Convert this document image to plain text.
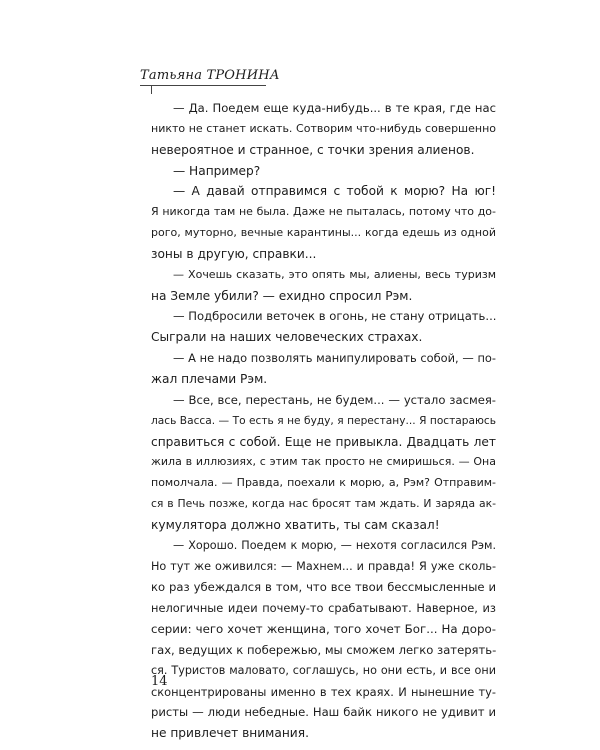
Татьяна ТРОНИНА
— Да. Поедем еще куда-нибудь... в те края, где нас
никто не станет искать. Сотворим что-нибудь совершенно
невероятное и странное, с точки зрения алиенов.
— Например?
— А давай отправимся с тобой к морю? На юг!
Я никогда там не была. Даже не пыталась, потому что до-
рого, муторно, вечные карантины... когда едешь из одной
зоны в другую, справки...
— Хочешь сказать, это опять мы, алиены, весь туризм
на Земле убили? — ехидно спросил Рэм.
— Подбросили веточек в огонь, не стану отрицать...
Сыграли на наших человеческих страхах.
— А не надо позволять манипулировать собой, — по-
жал плечами Рэм.
— Все, все, перестань, не будем... — устало засмея-
лась Васса. — То есть я не буду, я перестану... Я постараюсь
справиться с собой. Еще не привыкла. Двадцать лет
жила в иллюзиях, с этим так просто не смиришься. — Она
помолчала. — Правда, поехали к морю, а, Рэм? Отправим-
ся в Печь позже, когда нас бросят там ждать. И заряда ак-
кумулятора должно хватить, ты сам сказал!
— Хорошо. Поедем к морю, — нехотя согласился Рэм.
Но тут же оживился: — Махнем... и правда! Я уже сколь-
ко раз убеждался в том, что все твои бессмысленные и
нелогичные идеи почему-то срабатывают. Наверное, из
серии: чего хочет женщина, того хочет Бог... На доро-
гах, ведущих к побережью, мы сможем легко затерять-
ся. Туристов маловато, соглашусь, но они есть, и все они
сконцентрированы именно в тех краях. И нынешние ту-
ристы — люди небедные. Наш байк никого не удивит и
не привлечет внимания.
14
